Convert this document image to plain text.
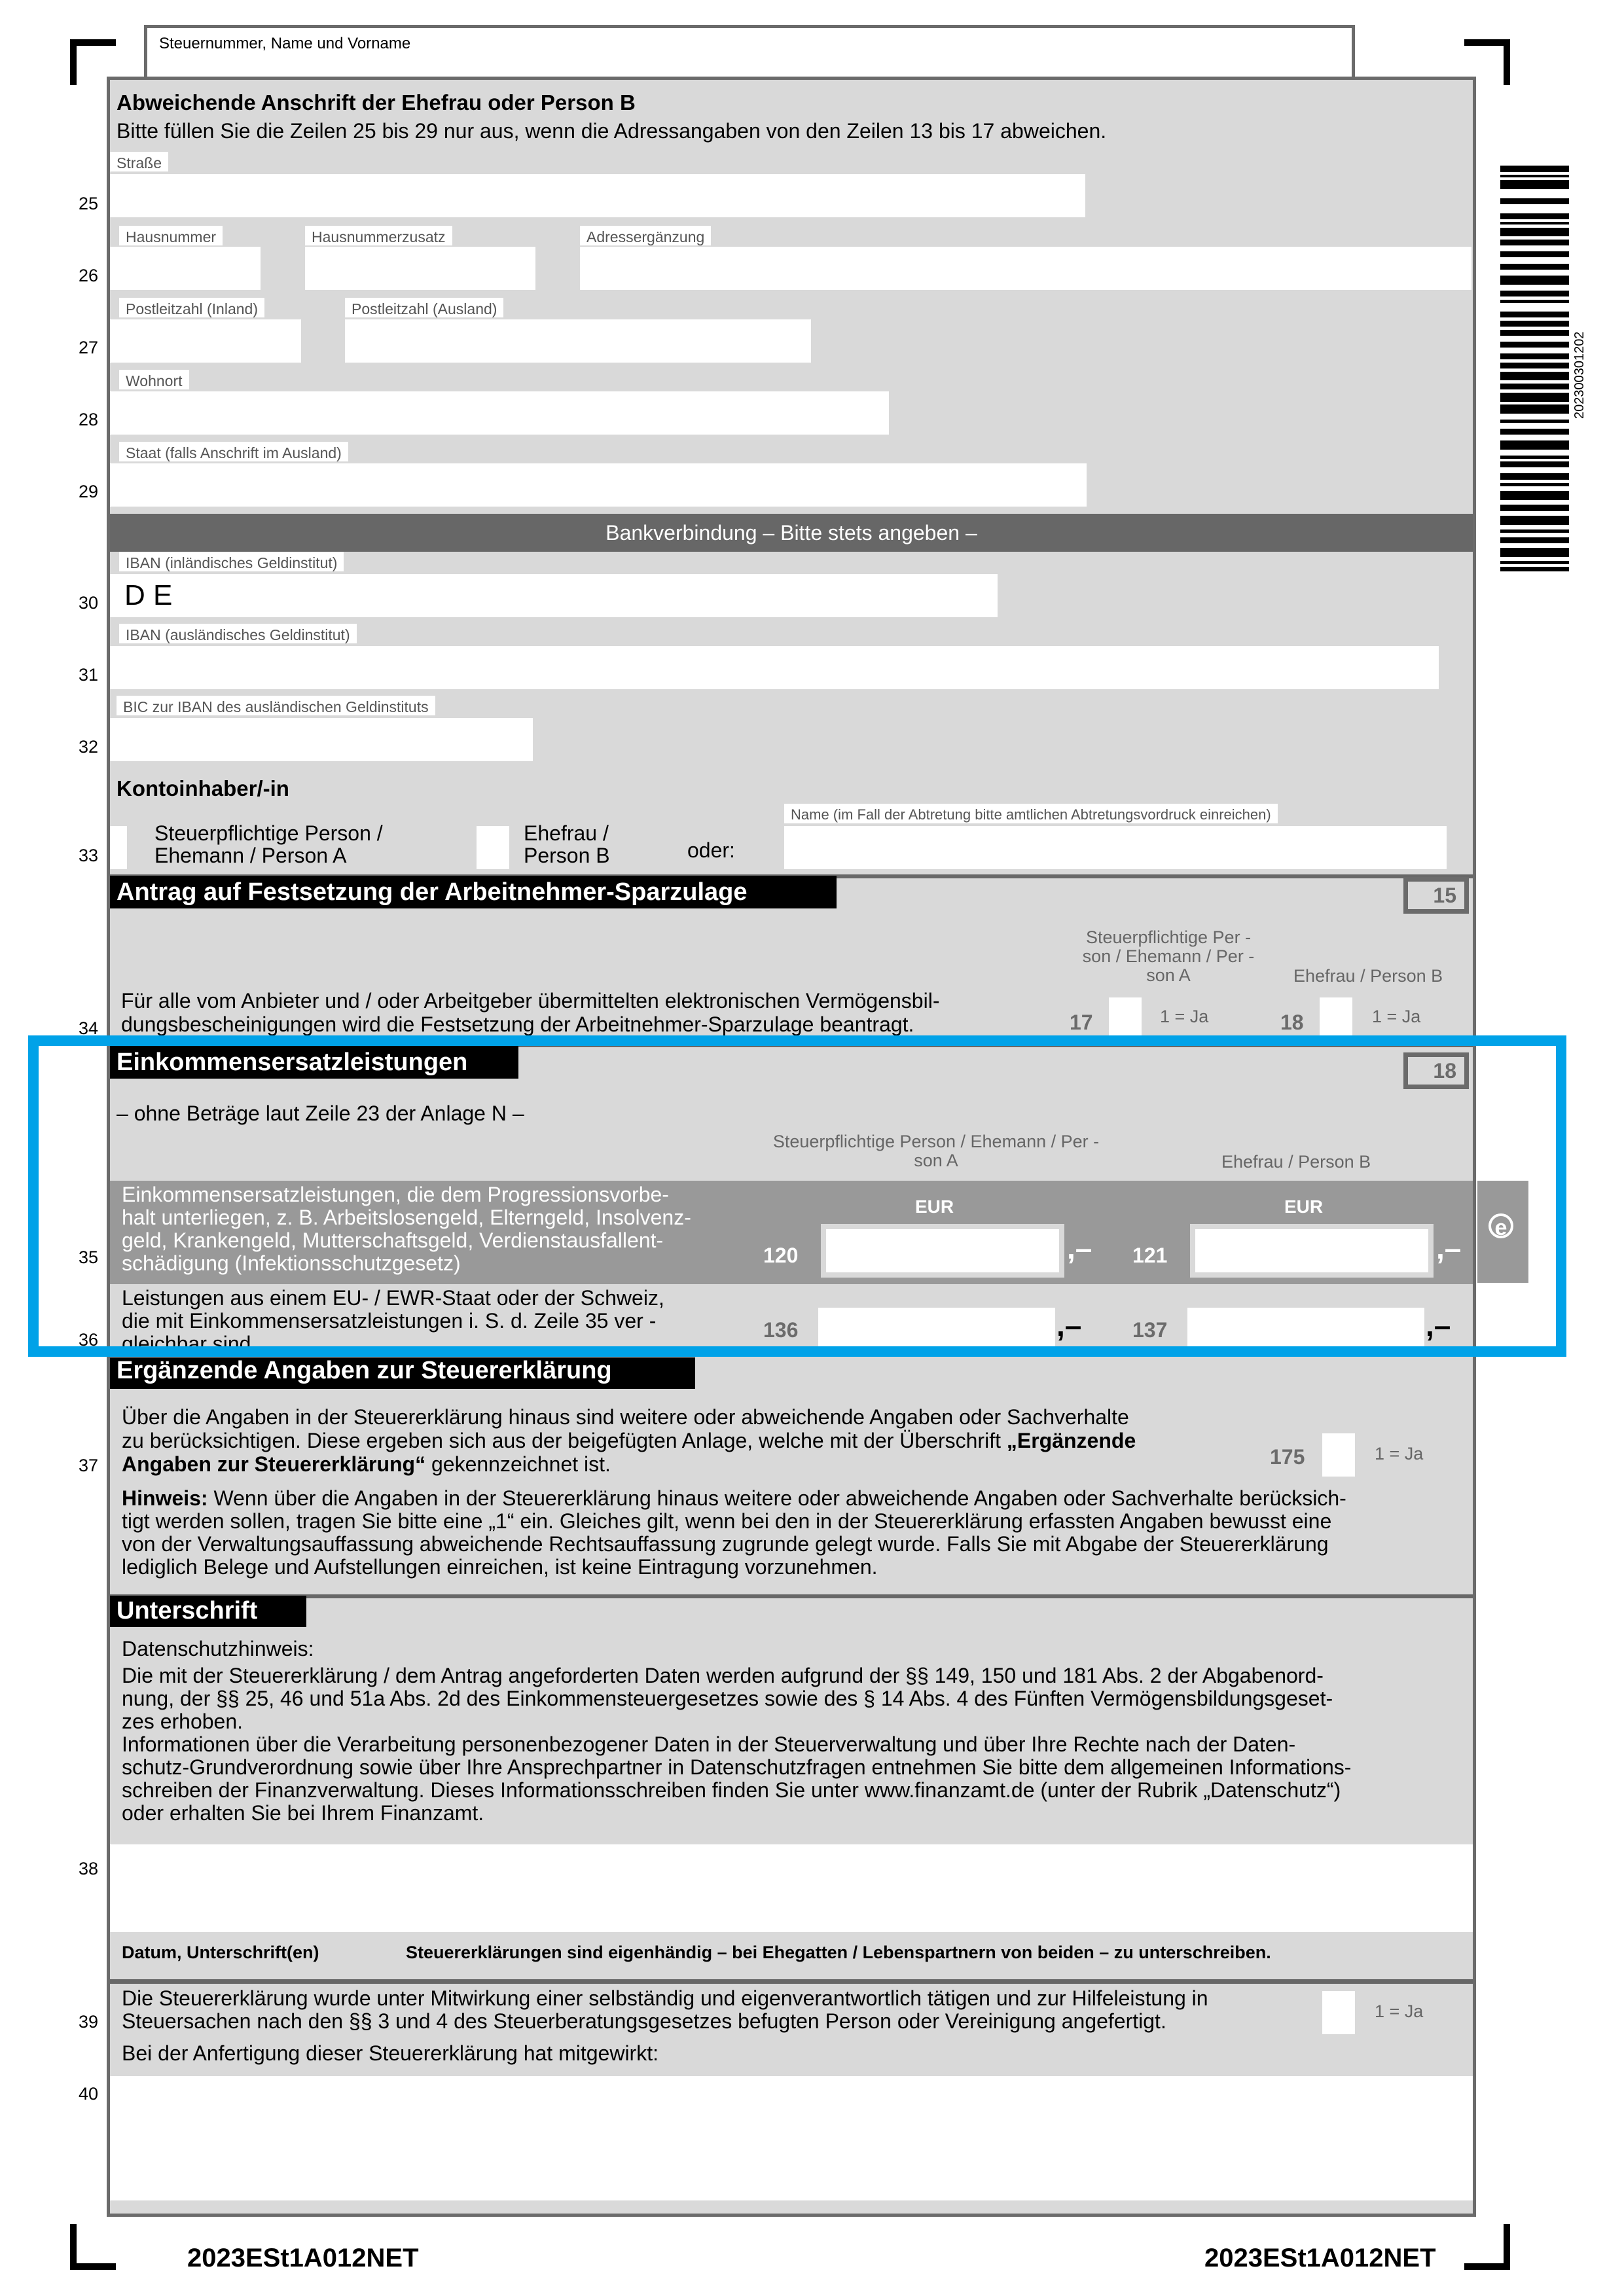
Steuernummer, Name und Vorname
202300301202
Abweichende Anschrift der Ehefrau oder Person B
Bitte füllen Sie die Zeilen 25 bis 29 nur aus, wenn die Adressangaben von den Zeilen 13 bis 17 abweichen.
Straße
25
Hausnummer	Hausnummerzusatz	Adressergänzung
26
Postleitzahl (Inland)	Postleitzahl (Ausland)
27
Wohnort
28
Staat (falls Anschrift im Ausland)
29
Bankverbindung – Bitte stets angeben –
IBAN (inländisches Geldinstitut)
D E
30
IBAN (ausländisches Geldinstitut)
31
BIC zur IBAN des ausländischen Geldinstituts
32
Kontoinhaber/-in
Steuerpflichtige Person /
Ehemann / Person A
Ehefrau /
Person B	oder:
Name (im Fall der Abtretung bitte amtlichen Abtretungsvordruck einreichen)
33
Antrag auf Festsetzung der Arbeitnehmer-Sparzulage	15
Steuerpflichtige Per -
son / Ehemann / Per -
son A	Ehefrau / Person B
Für alle vom Anbieter und / oder Arbeitgeber übermittelten elektronischen Vermögensbil-
dungsbescheinigungen wird die Festsetzung der Arbeitnehmer-Sparzulage beantragt.	17	1 = Ja	18	1 = Ja
34
Einkommensersatzleistungen	18
– ohne Beträge laut Zeile 23 der Anlage N –
Steuerpflichtige Person / Ehemann / Per -
son A	Ehefrau / Person B
Einkommensersatzleistungen, die dem Progressionsvorbe-
halt unterliegen, z. B. Arbeitslosengeld, Elterngeld, Insolvenz-
geld, Krankengeld, Mutterschaftsgeld, Verdienstausfallent-
schädigung (Infektionsschutzgesetz)
EUR	EUR
120	,– 121	,–
35
e
Leistungen aus einem EU- / EWR-Staat oder der Schweiz,
die mit Einkommensersatzleistungen i. S. d. Zeile 35 ver -
gleichbar sind
136	,– 137	,–
36
Ergänzende Angaben zur Steuererklärung
Über die Angaben in der Steuererklärung hinaus sind weitere oder abweichende Angaben oder Sachverhalte
zu berücksichtigen. Diese ergeben sich aus der beigefügten Anlage, welche mit der Überschrift „Ergänzende
Angaben zur Steuererklärung“ gekennzeichnet ist.	175	1 = Ja
37
Hinweis: Wenn über die Angaben in der Steuererklärung hinaus weitere oder abweichende Angaben oder Sachverhalte berücksich-
tigt werden sollen, tragen Sie bitte eine „1“ ein. Gleiches gilt, wenn bei den in der Steuererklärung erfassten Angaben bewusst eine
von der Verwaltungsauffassung abweichende Rechtsauffassung zugrunde gelegt wurde. Falls Sie mit Abgabe der Steuererklärung
lediglich Belege und Aufstellungen einreichen, ist keine Eintragung vorzunehmen.
Unterschrift
Datenschutzhinweis:
Die mit der Steuererklärung / dem Antrag angeforderten Daten werden aufgrund der §§ 149, 150 und 181 Abs. 2 der Abgabenord-
nung, der §§ 25, 46 und 51a Abs. 2d des Einkommensteuergesetzes sowie des § 14 Abs. 4 des Fünften Vermögensbildungsgeset-
zes erhoben.
Informationen über die Verarbeitung personenbezogener Daten in der Steuerverwaltung und über Ihre Rechte nach der Daten-
schutz-Grundverordnung sowie über Ihre Ansprechpartner in Datenschutzfragen entnehmen Sie bitte dem allgemeinen Informations-
schreiben der Finanzverwaltung. Dieses Informationsschreiben finden Sie unter www.finanzamt.de (unter der Rubrik „Datenschutz“)
oder erhalten Sie bei Ihrem Finanzamt.
38
Datum, Unterschrift(en)	Steuererklärungen sind eigenhändig – bei Ehegatten / Lebenspartnern von beiden – zu unterschreiben.
Die Steuererklärung wurde unter Mitwirkung einer selbständig und eigenverantwortlich tätigen und zur Hilfeleistung in
Steuersachen nach den §§ 3 und 4 des Steuerberatungsgesetzes befugten Person oder Vereinigung angefertigt.	1 = Ja
39
Bei der Anfertigung dieser Steuererklärung hat mitgewirkt:
40
2023ESt1A012NET	2023ESt1A012NET
